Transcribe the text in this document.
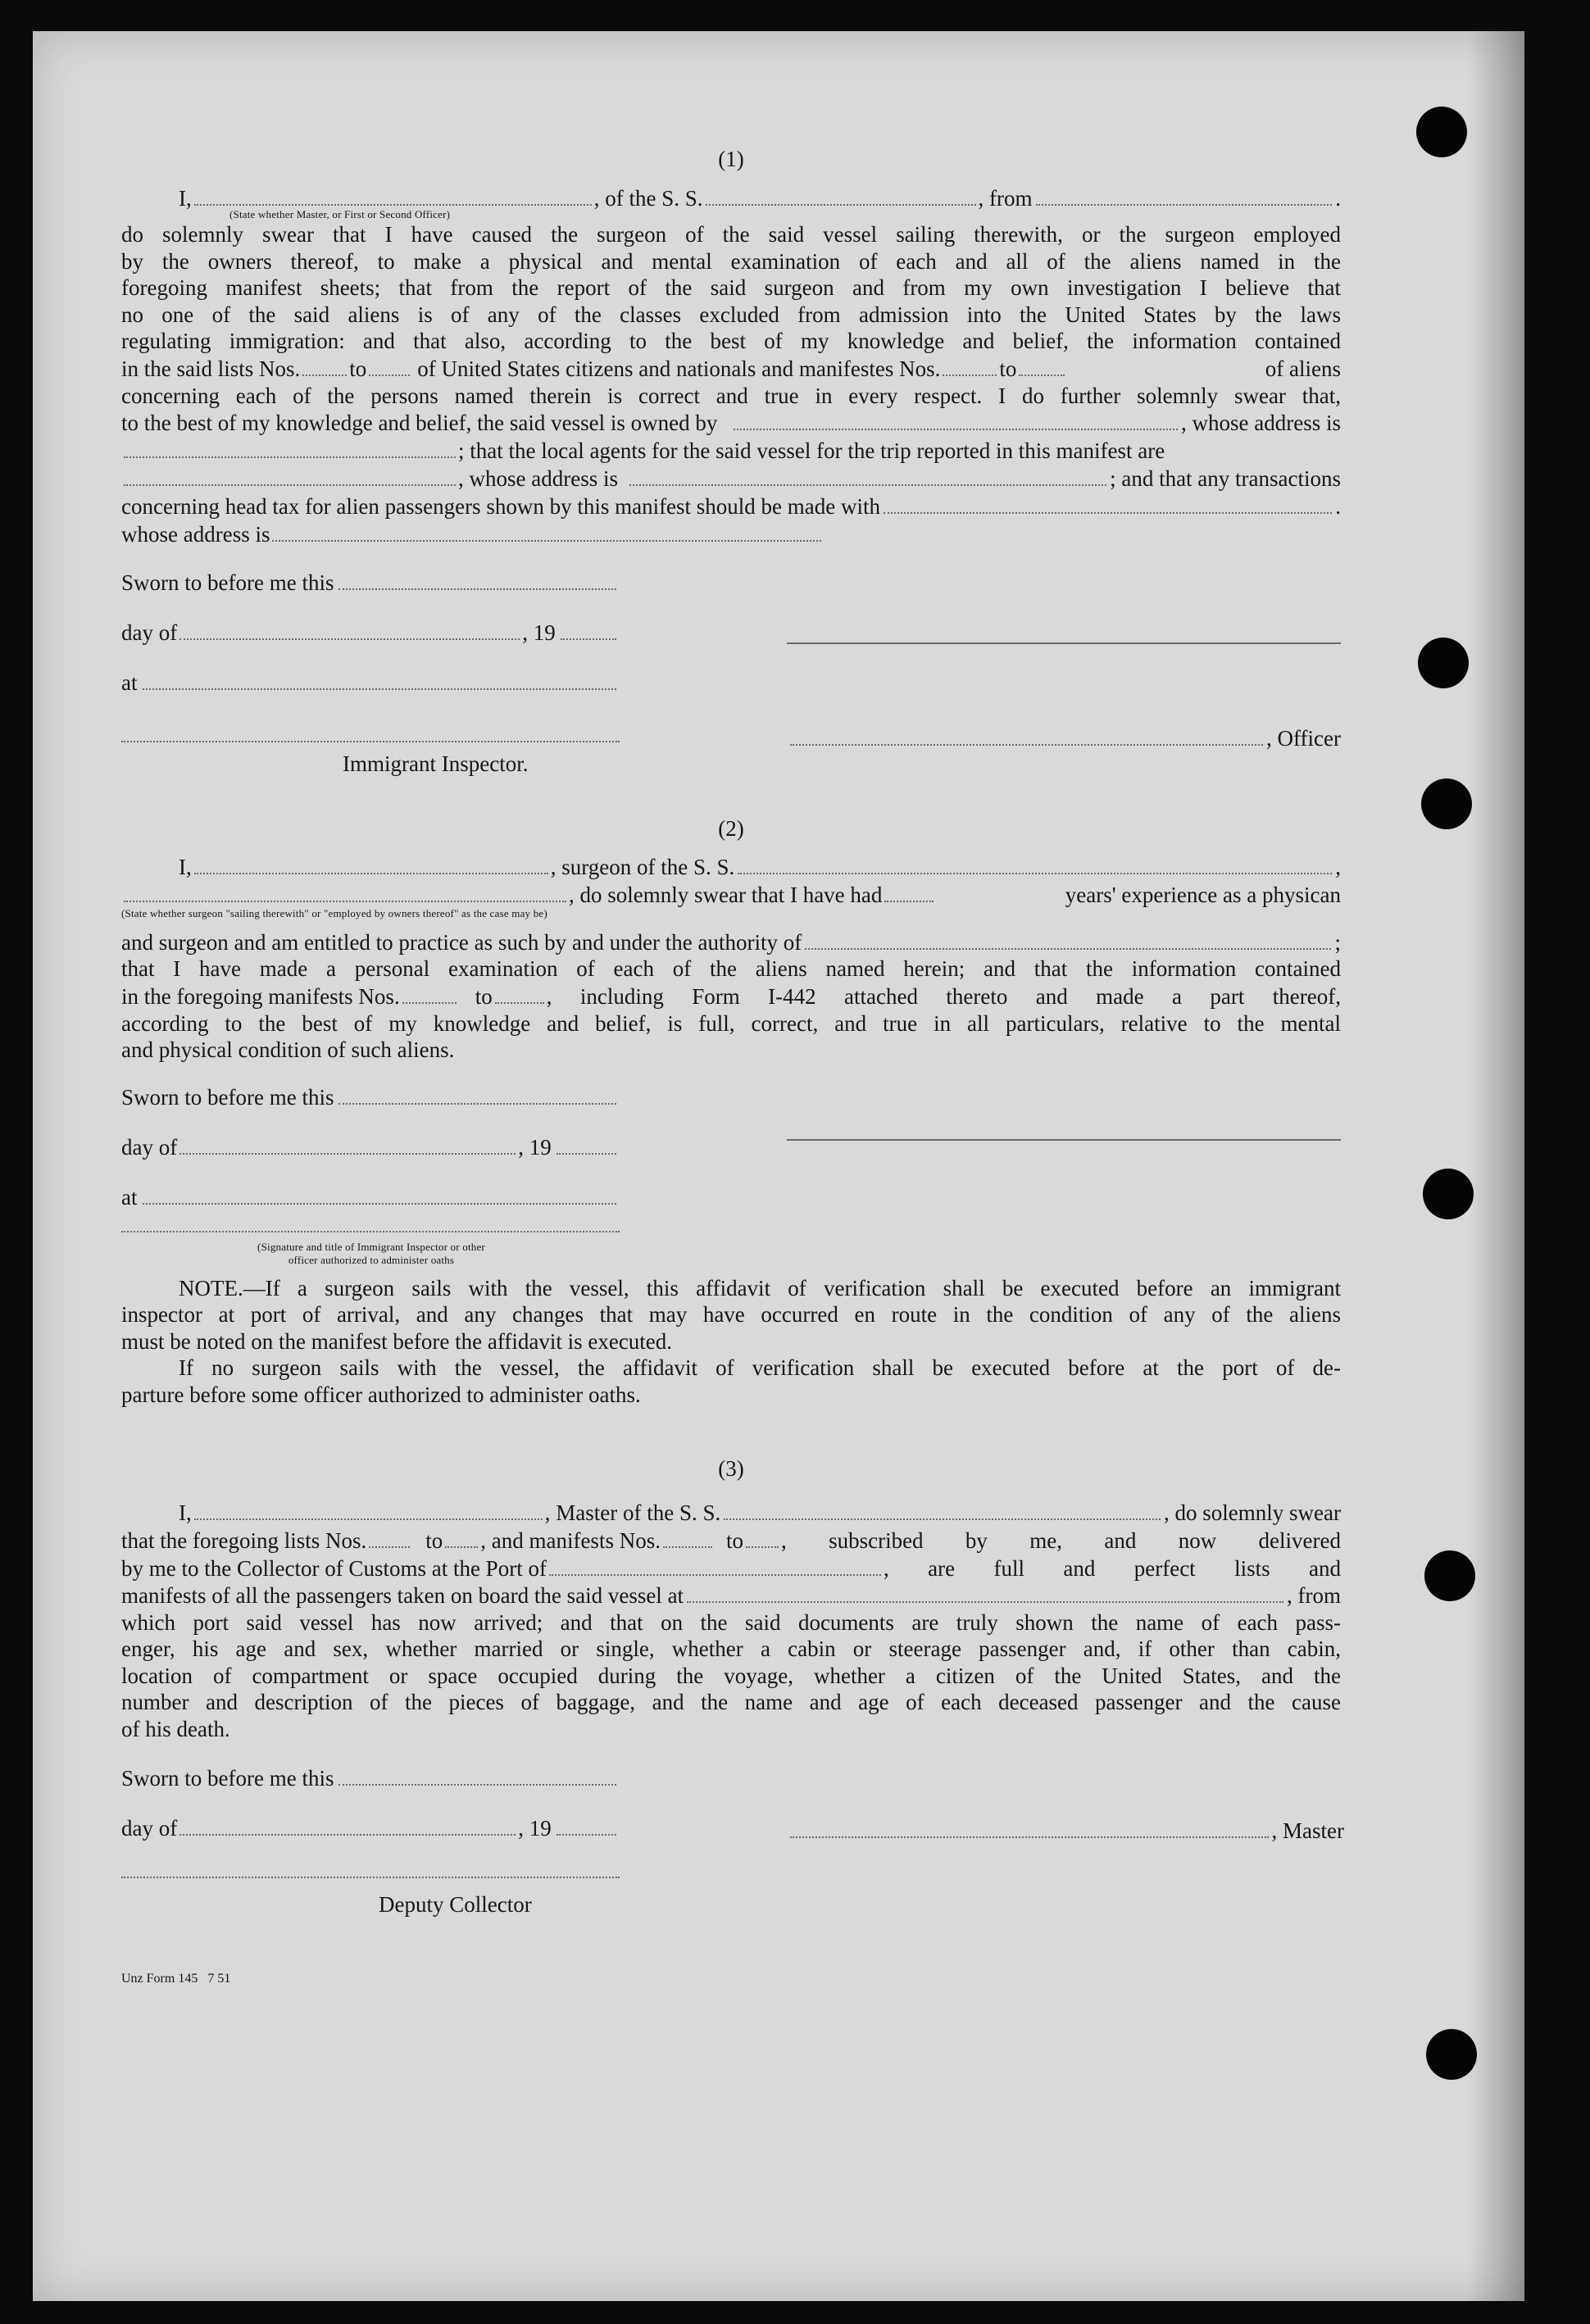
(1)
I,	, of the S. S.	, from	.
(State whether Master, or First or Second Officer)
do solemnly swear that I have caused the surgeon of the said vessel sailing therewith, or the surgeon employed
by the owners thereof, to make a physical and mental examination of each and all of the aliens named in the
foregoing manifest sheets; that from the report of the said surgeon and from my own investigation I believe that
no one of the said aliens is of any of the classes excluded from admission into the United States by the laws
regulating immigration: and that also, according to the best of my knowledge and belief, the information contained
in the said lists Nos. to of United States citizens and nationals and manifestes Nos.	to	of aliens
concerning each of the persons named therein is correct and true in every respect. I do further solemnly swear that,
to the best of my knowledge and belief, the said vessel is owned by	, whose address is
; that the local agents for the said vessel for the trip reported in this manifest are
, whose address is	; and that any transactions
concerning head tax for alien passengers shown by this manifest should be made with	.
whose address is
Sworn to before me this
day of	, 19
at
, Officer
Immigrant Inspector.
(2)
I,	, surgeon of the S. S.	,
, do solemnly swear that I have had	years' experience as a physican
(State whether surgeon "sailing therewith" or "employed by owners thereof" as the case may be)
and surgeon and am entitled to practice as such by and under the authority of	;
that I have made a personal examination of each of the aliens named herein; and that the information contained
in the foregoing manifests Nos.	to , including Form I-442 attached thereto and made a part thereof,
according to the best of my knowledge and belief, is full, correct, and true in all particulars, relative to the mental
and physical condition of such aliens.
Sworn to before me this
day of	, 19
at
(Signature and title of Immigrant Inspector or other
officer authorized to administer oaths
NOTE.—If a surgeon sails with the vessel, this affidavit of verification shall be executed before an immigrant
inspector at port of arrival, and any changes that may have occurred en route in the condition of any of the aliens
must be noted on the manifest before the affidavit is executed.
If no surgeon sails with the vessel, the affidavit of verification shall be executed before at the port of de-
parture before some officer authorized to administer oaths.
(3)
I,	, Master of the S. S.	, do solemnly swear
that the foregoing lists Nos.	to , and manifests Nos.	to , subscribed by me, and now delivered
by me to the Collector of Customs at the Port of	, are full and perfect lists and
manifests of all the passengers taken on board the said vessel at	, from
which port said vessel has now arrived; and that on the said documents are truly shown the name of each pass-
enger, his age and sex, whether married or single, whether a cabin or steerage passenger and, if other than cabin,
location of compartment or space occupied during the voyage, whether a citizen of the United States, and the
number and description of the pieces of baggage, and the name and age of each deceased passenger and the cause
of his death.
Sworn to before me this
day of	, 19	, Master
Deputy Collector
Unz Form 145   7 51
